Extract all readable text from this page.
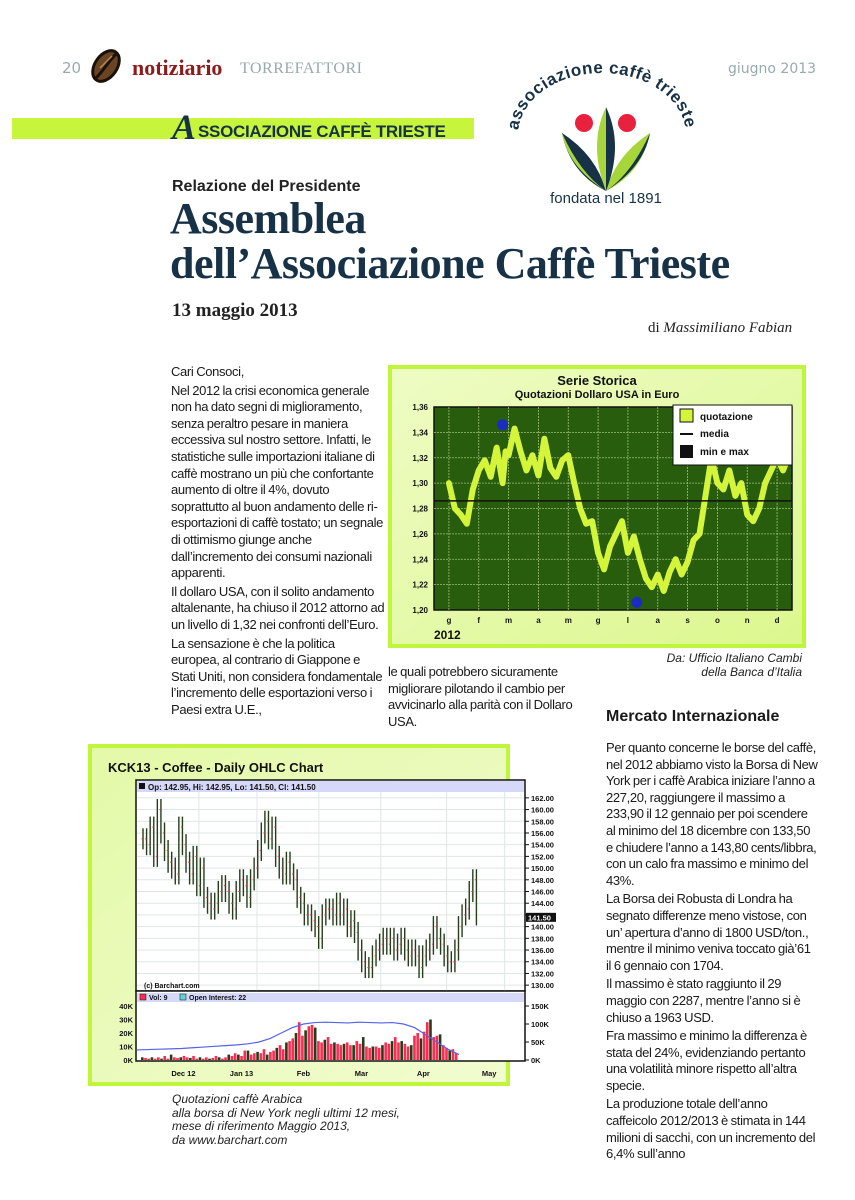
20 notiziario TORREFATTORI	giugno 2013
A SSOCIAZIONE CAFFÈ TRIESTE	associazione caffè trieste
fondata nel 1891
Relazione del Presidente
Assemblea
dell’Associazione Caffè Trieste
13 maggio 2013
di Massimiliano Fabian

Cari Consoci,

Nel 2012 la crisi economica generale non ha dato segni di miglioramento, senza peraltro pesare in maniera eccessiva sul nostro settore. Infatti, le statistiche sulle importazioni italiane di caffè mostrano un più che confortante aumento di oltre il 4%, dovuto soprattutto al buon andamento delle ri-esportazioni di caffè tostato; un segnale di ottimismo giunge anche dall’incremento dei consumi nazionali apparenti.

Il dollaro USA, con il solito andamento altalenante, ha chiuso il 2012 attorno ad un livello di 1,32 nei confronti dell’Euro.

La sensazione è che la politica europea, al contrario di Giappone e Stati Uniti, non considera fondamentale l’incremento delle esportazioni verso i Paesi extra U.E.,

Serie Storica
Quotazioni Dollaro USA in Euro
1,36
1,34
1,32
1,30
1,28
1,26
1,24
1,22
1,20
g	f	m	a	m	g	l	a	s	o	n	d
2012
quotazione
media
min e max
Da: Ufficio Italiano Cambi
della Banca d’Italia

le quali potrebbero sicuramente migliorare pilotando il cambio per avvicinarlo alla parità con il Dollaro USA.	Mercato Internazionale

Per quanto concerne le borse del caffè, nel 2012 abbiamo visto la Borsa di New York per i caffè Arabica iniziare l’anno a 227,20, raggiungere il massimo a 233,90 il 12 gennaio per poi scendere al minimo del 18 dicembre con 133,50 e chiudere l’anno a 143,80 cents/libbra, con un calo fra massimo e minimo del 43%.

La Borsa dei Robusta di Londra ha segnato differenze meno vistose, con un’ apertura d’anno di 1800 USD/ton., mentre il minimo veniva toccato già’61 il 6 gennaio con 1704.

Il massimo è stato raggiunto il 29 maggio con 2287, mentre l’anno si è chiuso a 1963 USD.

Fra massimo e minimo la differenza è stata del 24%, evidenziando pertanto una volatilità minore rispetto all’altra specie.

La produzione totale dell’anno caffeicolo 2012/2013 è stimata in 144 milioni di sacchi, con un incremento del 6,4% sull’anno

KCK13 - Coffee - Daily OHLC Chart
Op: 142.95, Hi: 142.95, Lo: 141.50, Cl: 141.50
162.00
160.00
158.00
156.00
154.00
152.00
150.00
148.00
146.00
144.00
140.00
138.00
136.00
134.00
132.00
130.00
Dec 12	Jan 13	Feb	Mar	Apr	May
141.50
(c) Barchart.com
Vol: 9	Open Interest: 22
40K
30K
20K
10K
0K
150K
100K
50K
0K
Quotazioni caffè Arabica
alla borsa di New York negli ultimi 12 mesi,
mese di riferimento Maggio 2013,
da www.barchart.com
